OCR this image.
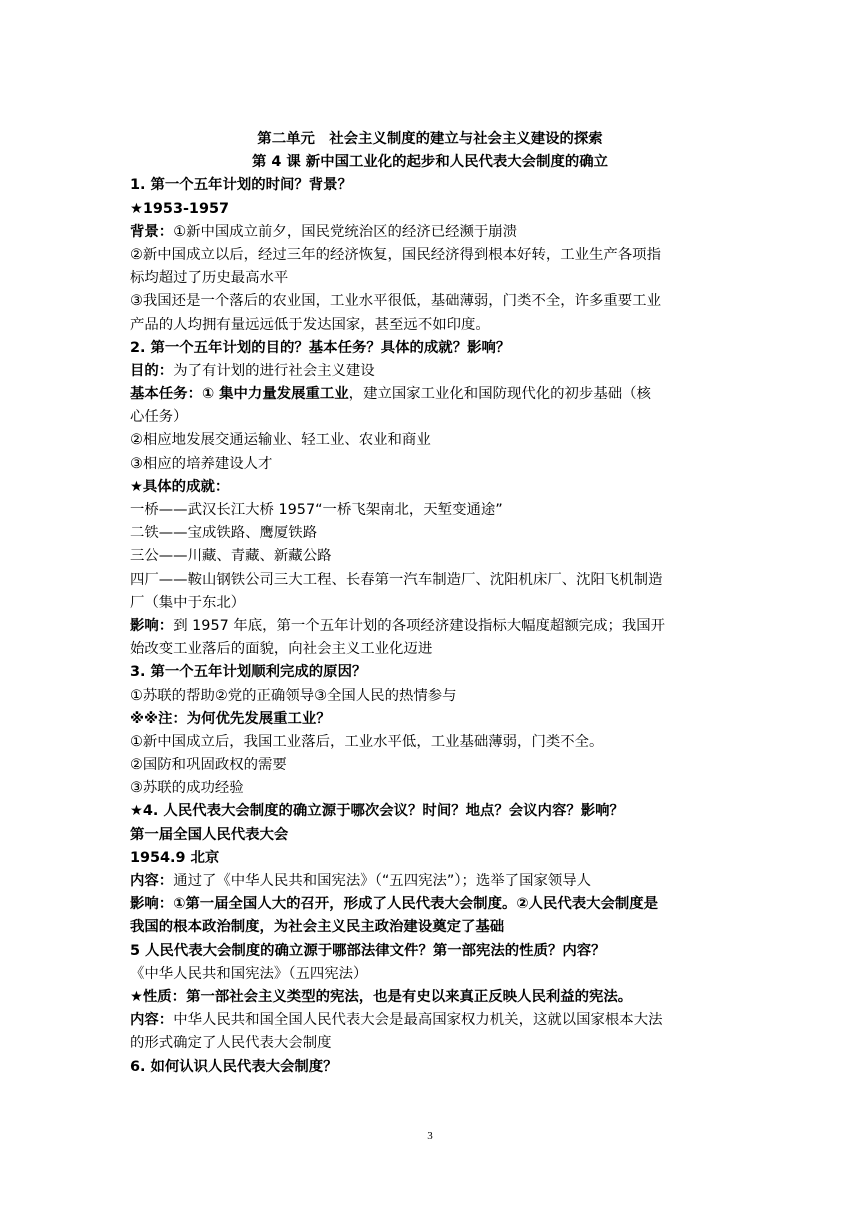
第二单元　社会主义制度的建立与社会主义建设的探索
第 4 课 新中国工业化的起步和人民代表大会制度的确立
1. 第一个五年计划的时间？背景？
★1953-1957
背景：①新中国成立前夕，国民党统治区的经济已经濒于崩溃
②新中国成立以后，经过三年的经济恢复，国民经济得到根本好转，工业生产各项指
标均超过了历史最高水平
③我国还是一个落后的农业国，工业水平很低，基础薄弱，门类不全，许多重要工业
产品的人均拥有量远远低于发达国家，甚至远不如印度。
2. 第一个五年计划的目的？基本任务？具体的成就？影响？
目的：为了有计划的进行社会主义建设
基本任务：① 集中力量发展重工业，建立国家工业化和国防现代化的初步基础（核
心任务）
②相应地发展交通运输业、轻工业、农业和商业
③相应的培养建设人才
★具体的成就：
一桥——武汉长江大桥 1957“一桥飞架南北，天堑变通途”
二铁——宝成铁路、鹰厦铁路
三公——川藏、青藏、新藏公路
四厂——鞍山钢铁公司三大工程、长春第一汽车制造厂、沈阳机床厂、沈阳飞机制造
厂（集中于东北）
影响：到 1957 年底，第一个五年计划的各项经济建设指标大幅度超额完成；我国开
始改变工业落后的面貌，向社会主义工业化迈进
3. 第一个五年计划顺利完成的原因？
①苏联的帮助②党的正确领导③全国人民的热情参与
※※注：为何优先发展重工业？
①新中国成立后，我国工业落后，工业水平低，工业基础薄弱，门类不全。
②国防和巩固政权的需要
③苏联的成功经验
★4. 人民代表大会制度的确立源于哪次会议？时间？地点？会议内容？影响？
第一届全国人民代表大会
1954.9 北京
内容：通过了《中华人民共和国宪法》（“五四宪法”）；选举了国家领导人
影响：①第一届全国人大的召开，形成了人民代表大会制度。②人民代表大会制度是
我国的根本政治制度，为社会主义民主政治建设奠定了基础
5 人民代表大会制度的确立源于哪部法律文件？第一部宪法的性质？内容？
《中华人民共和国宪法》（五四宪法）
★性质：第一部社会主义类型的宪法，也是有史以来真正反映人民利益的宪法。
内容：中华人民共和国全国人民代表大会是最高国家权力机关，这就以国家根本大法
的形式确定了人民代表大会制度
6. 如何认识人民代表大会制度？
3
